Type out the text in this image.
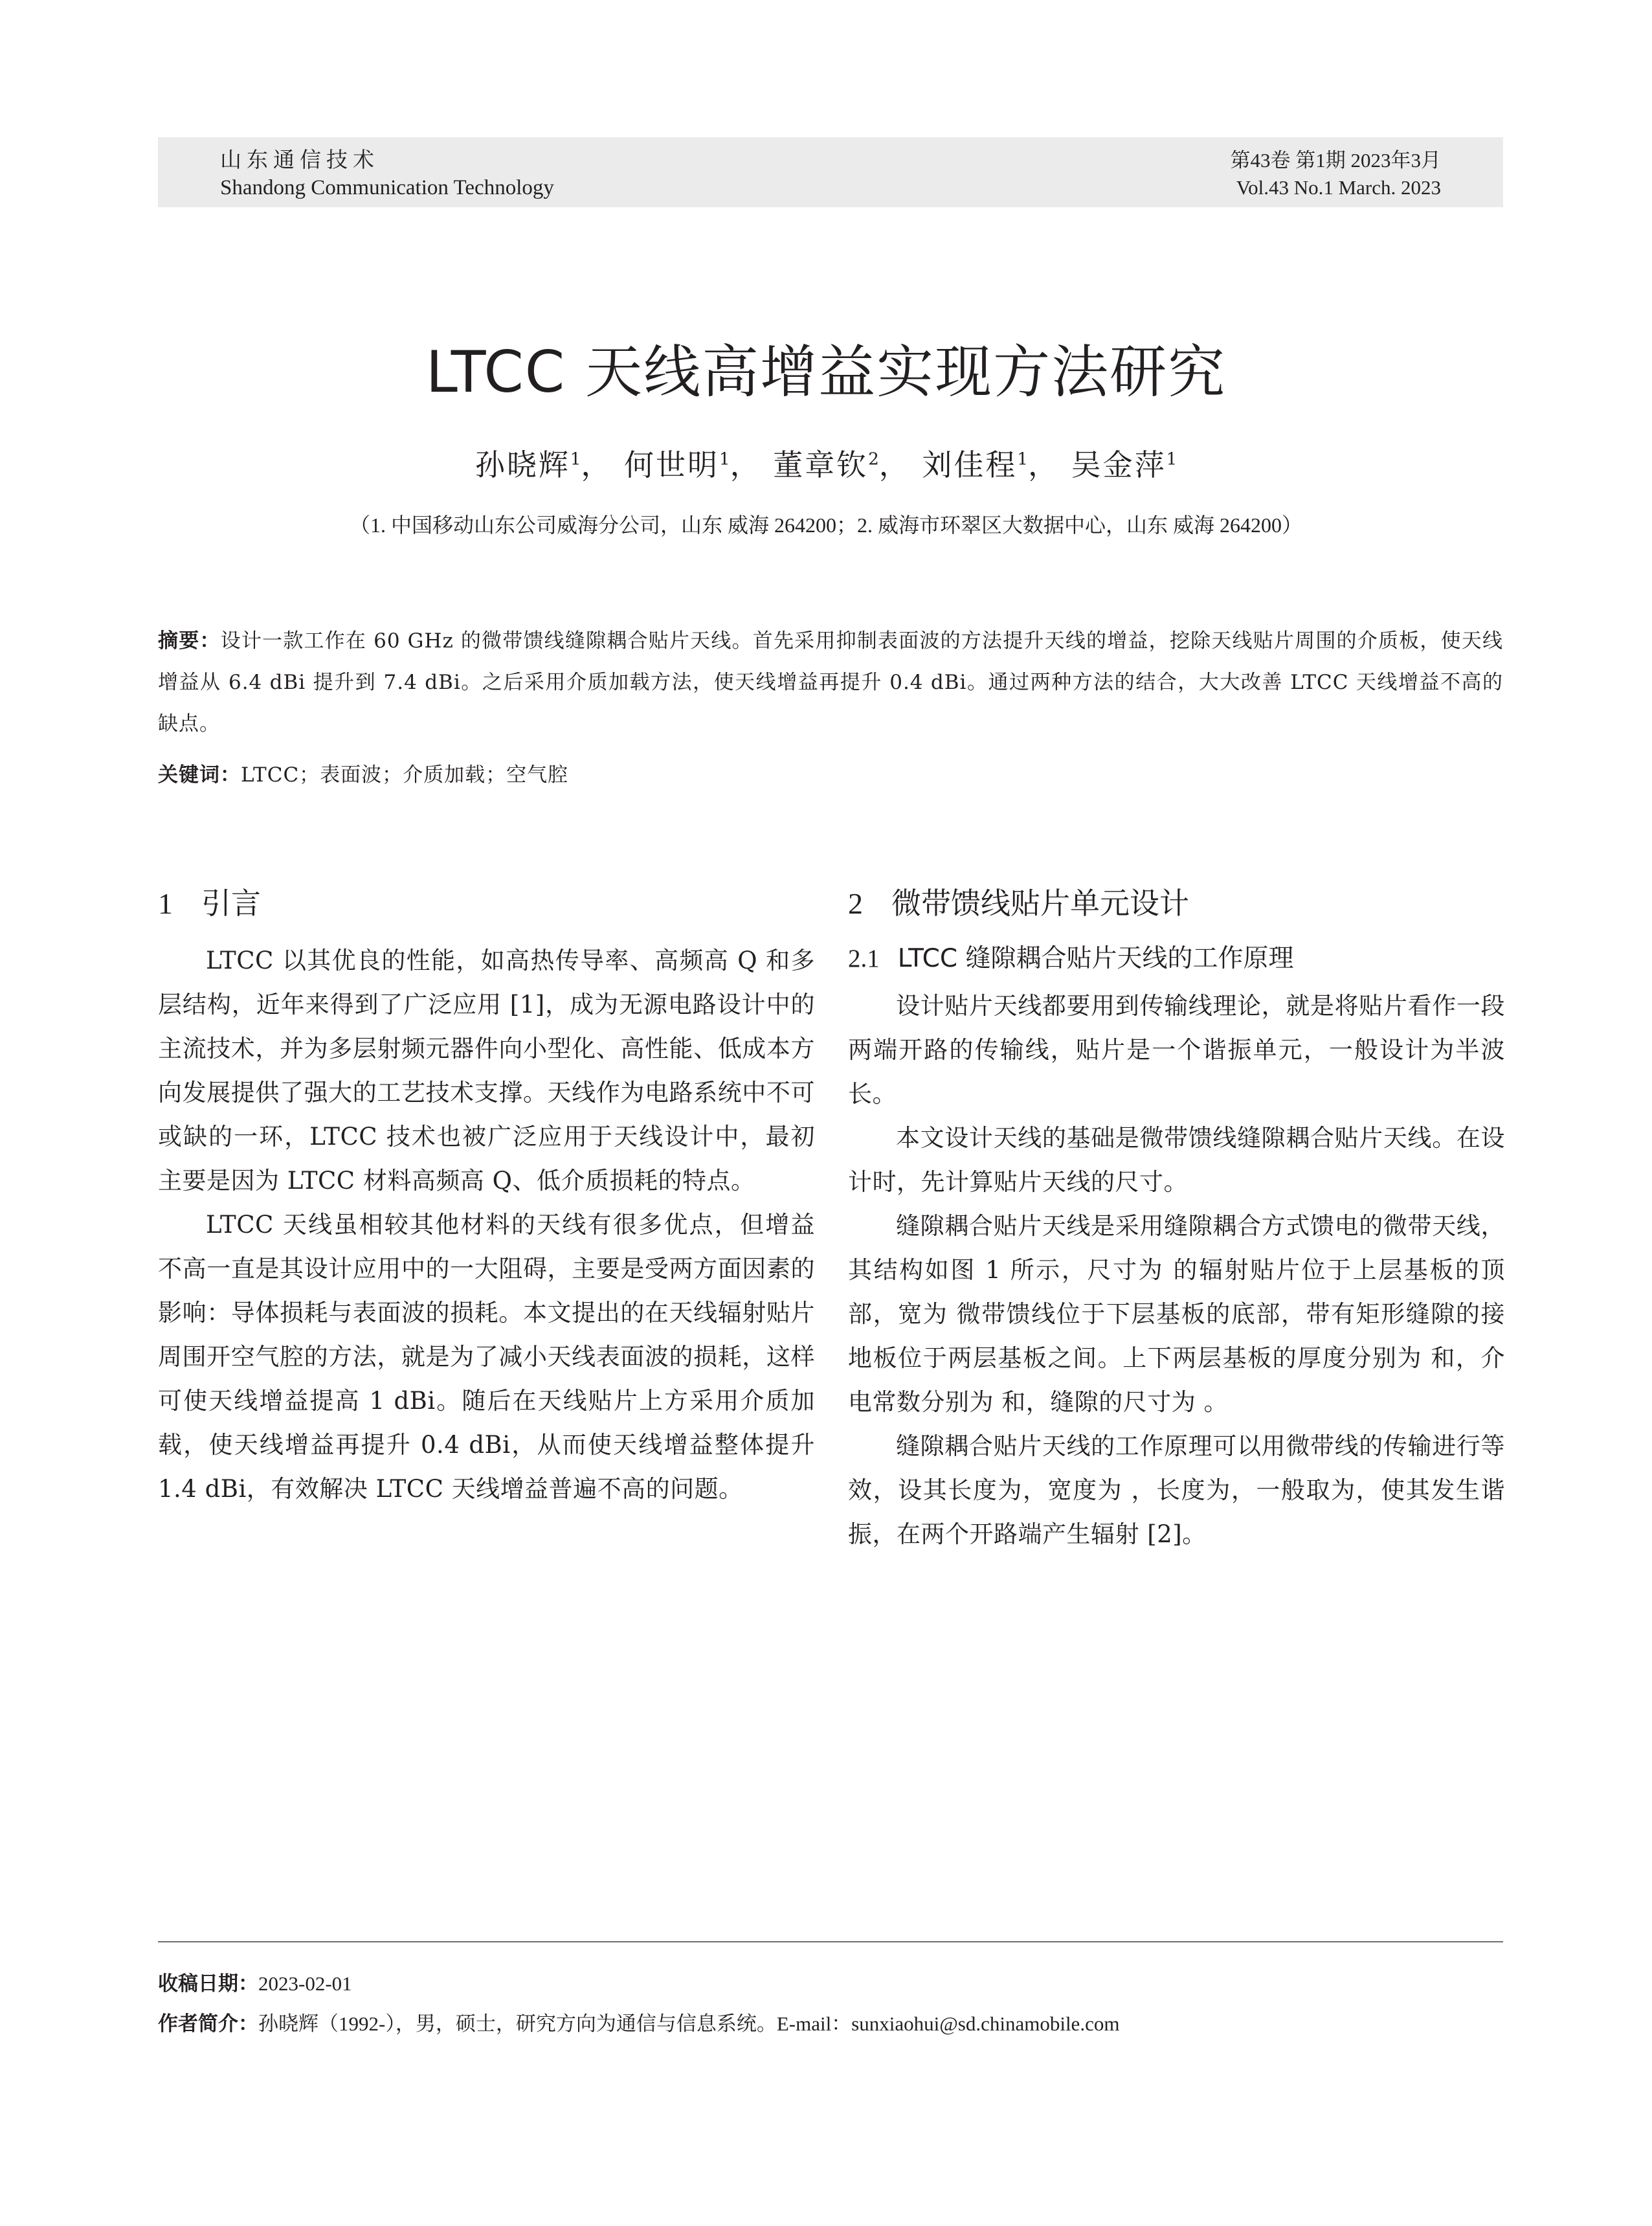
山东通信技术
Shandong Communication Technology
第43卷 第1期 2023年3月
Vol.43 No.1 March. 2023
LTCC 天线高增益实现方法研究
孙晓辉$^1$， 何世明$^1$， 董章钦$^2$， 刘佳程$^1$， 吴金萍$^1$
（1. 中国移动山东公司威海分公司，山东 威海 264200；2. 威海市环翠区大数据中心，山东 威海 264200）
摘要：设计一款工作在 60 GHz 的微带馈线缝隙耦合贴片天线。首先采用抑制表面波的方法提升天线的增益，挖除天线贴片周围的介质板，使天线增益从 6.4 dBi 提升到 7.4 dBi。之后采用介质加载方法，使天线增益再提升 0.4 dBi。通过两种方法的结合，大大改善 LTCC 天线增益不高的缺点。
关键词：LTCC；表面波；介质加载；空气腔
1 引言

LTCC 以其优良的性能，如高热传导率、高频高 Q 和多层结构，近年来得到了广泛应用 [1]，成为无源电路设计中的主流技术，并为多层射频元器件向小型化、高性能、低成本方向发展提供了强大的工艺技术支撑。天线作为电路系统中不可或缺的一环，LTCC 技术也被广泛应用于天线设计中，最初主要是因为 LTCC 材料高频高 Q、低介质损耗的特点。

LTCC 天线虽相较其他材料的天线有很多优点，但增益不高一直是其设计应用中的一大阻碍，主要是受两方面因素的影响：导体损耗与表面波的损耗。本文提出的在天线辐射贴片周围开空气腔的方法，就是为了减小天线表面波的损耗，这样可使天线增益提高 1 dBi。随后在天线贴片上方采用介质加载，使天线增益再提升 0.4 dBi，从而使天线增益整体提升 1.4 dBi，有效解决 LTCC 天线增益普遍不高的问题。

2 微带馈线贴片单元设计
2.1 LTCC 缝隙耦合贴片天线的工作原理

设计贴片天线都要用到传输线理论，就是将贴片看作一段两端开路的传输线，贴片是一个谐振单元，一般设计为半波长。

本文设计天线的基础是微带馈线缝隙耦合贴片天线。在设计时，先计算贴片天线的尺寸。

缝隙耦合贴片天线是采用缝隙耦合方式馈电的微带天线，其结构如图 1 所示，尺寸为 的辐射贴片位于上层基板的顶部，宽为 微带馈线位于下层基板的底部，带有矩形缝隙的接地板位于两层基板之间。上下两层基板的厚度分别为 和，介电常数分别为 和，缝隙的尺寸为 。

缝隙耦合贴片天线的工作原理可以用微带线的传输进行等效，设其长度为，宽度为 ，长度为，一般取为，使其发生谐振，在两个开路端产生辐射 [2]。

收稿日期：2023-02-01
作者简介：孙晓辉（1992-），男，硕士，研究方向为通信与信息系统。E-mail：sunxiaohui@sd.chinamobile.com
